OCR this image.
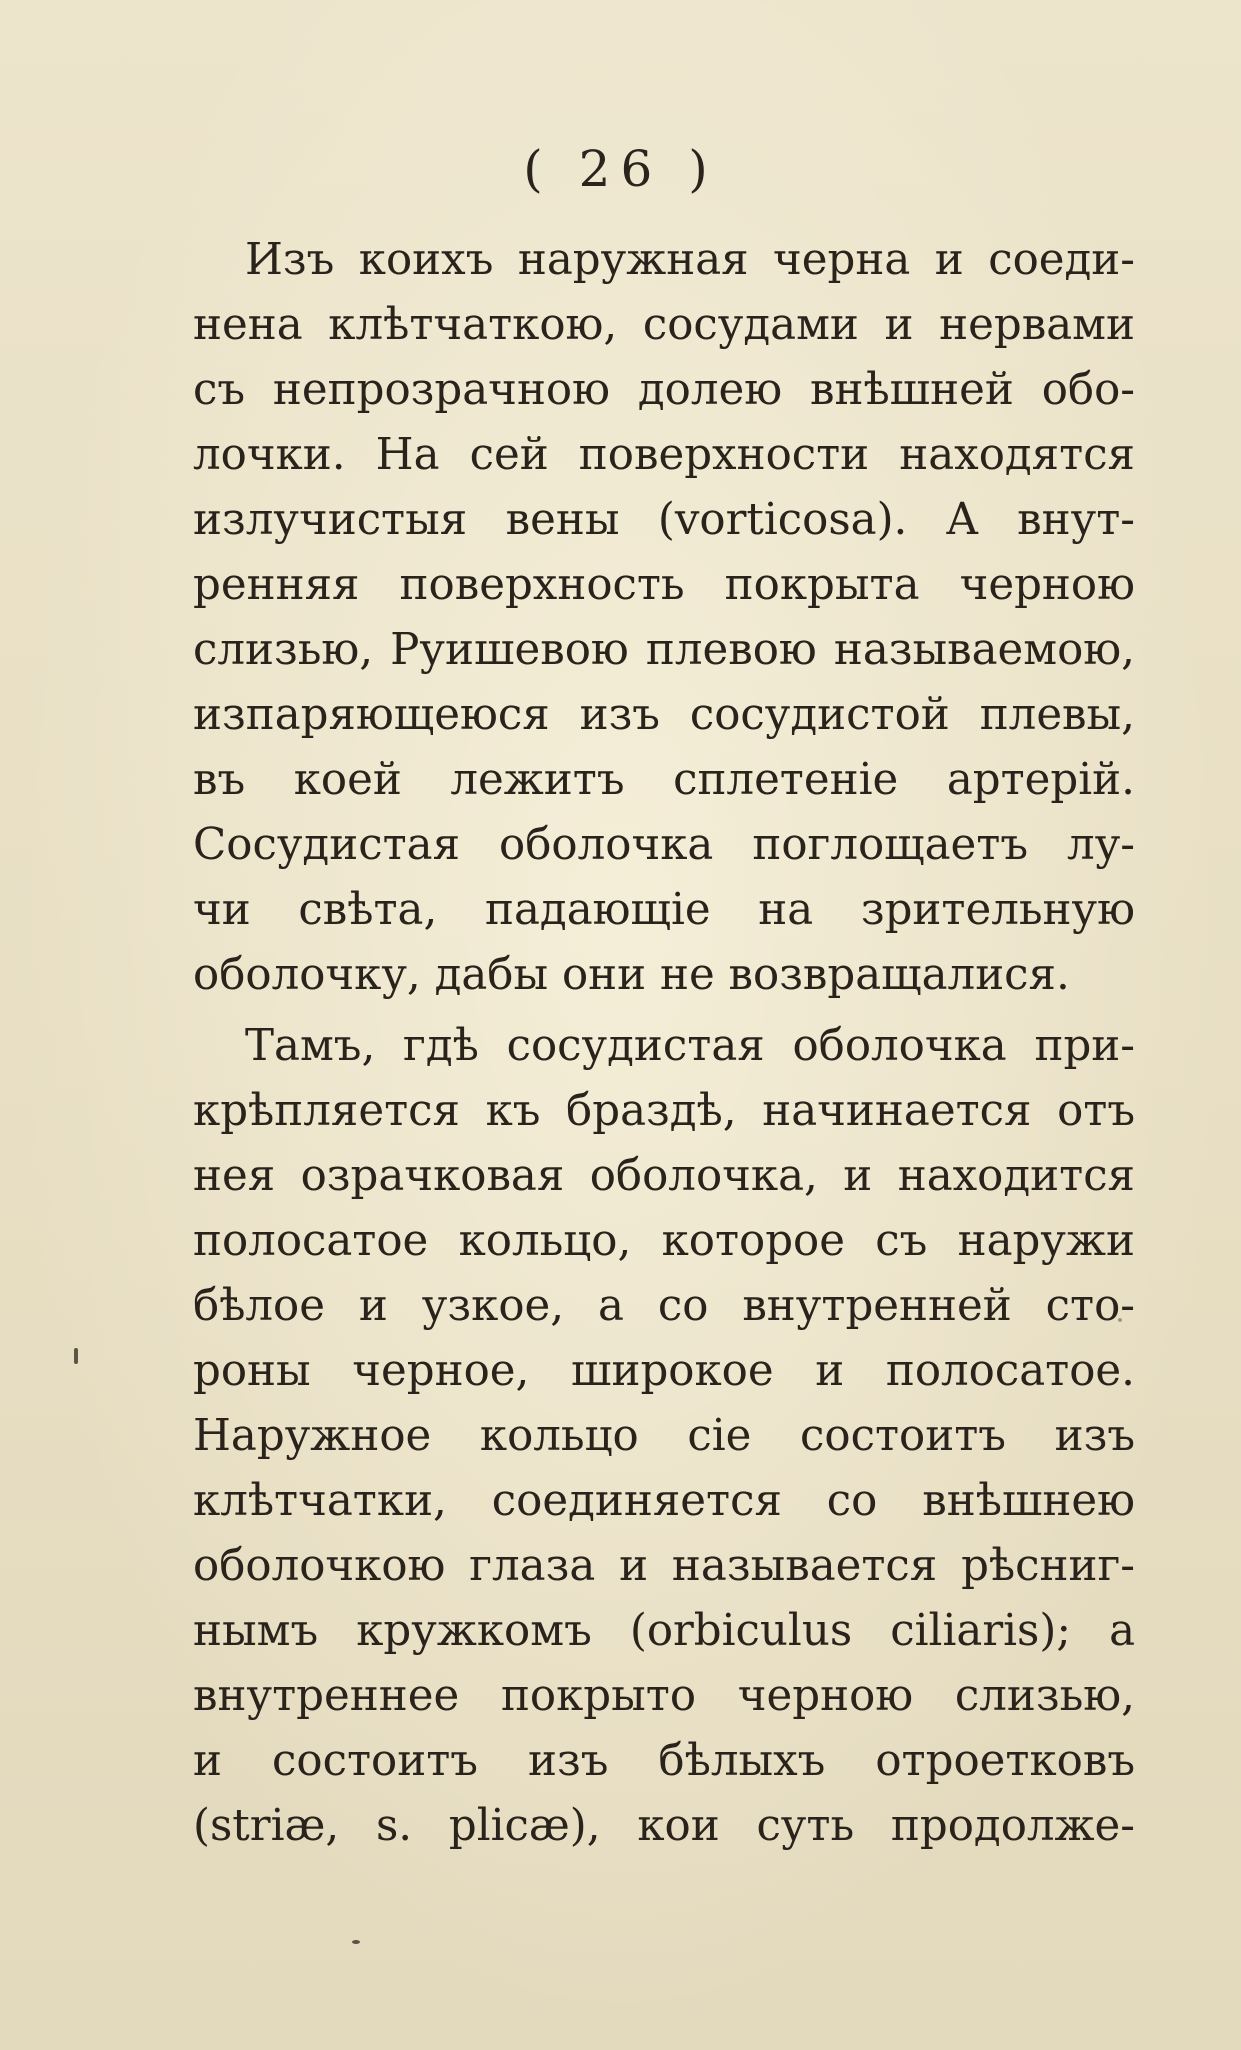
( 26 )

Изъ коихъ наружная черна и соеди-
нена клѣтчаткою, сосудами и нервами
съ непрозрачною долею внѣшней обо-
лочки. На сей поверхности находятся
излучистыя вены (vorticosa). А внут-
ренняя поверхность покрыта черною
слизью, Руишевою плевою называемою,
изпаряющеюся изъ сосудистой плевы,
въ коей лежитъ сплетеніе артерій.
Сосудистая оболочка поглощаетъ лу-
чи свѣта, падающіе на зрительную
оболочку, дабы они не возвращалися.

Тамъ, гдѣ сосудистая оболочка при-
крѣпляется къ браздѣ, начинается отъ
нея озрачковая оболочка, и находится
полосатое кольцо, которое съ наружи
бѣлое и узкое, а со внутренней сто-
роны черное, широкое и полосатое.
Наружное кольцо сіе состоитъ изъ
клѣтчатки, соединяется со внѣшнею
оболочкою глаза и называется рѣсниг-
нымъ кружкомъ (orbiculus ciliaris); а
внутреннее покрыто черною слизью,
и состоитъ изъ бѣлыхъ отроетковъ
(striæ, s. plicæ), кои суть продолже-
